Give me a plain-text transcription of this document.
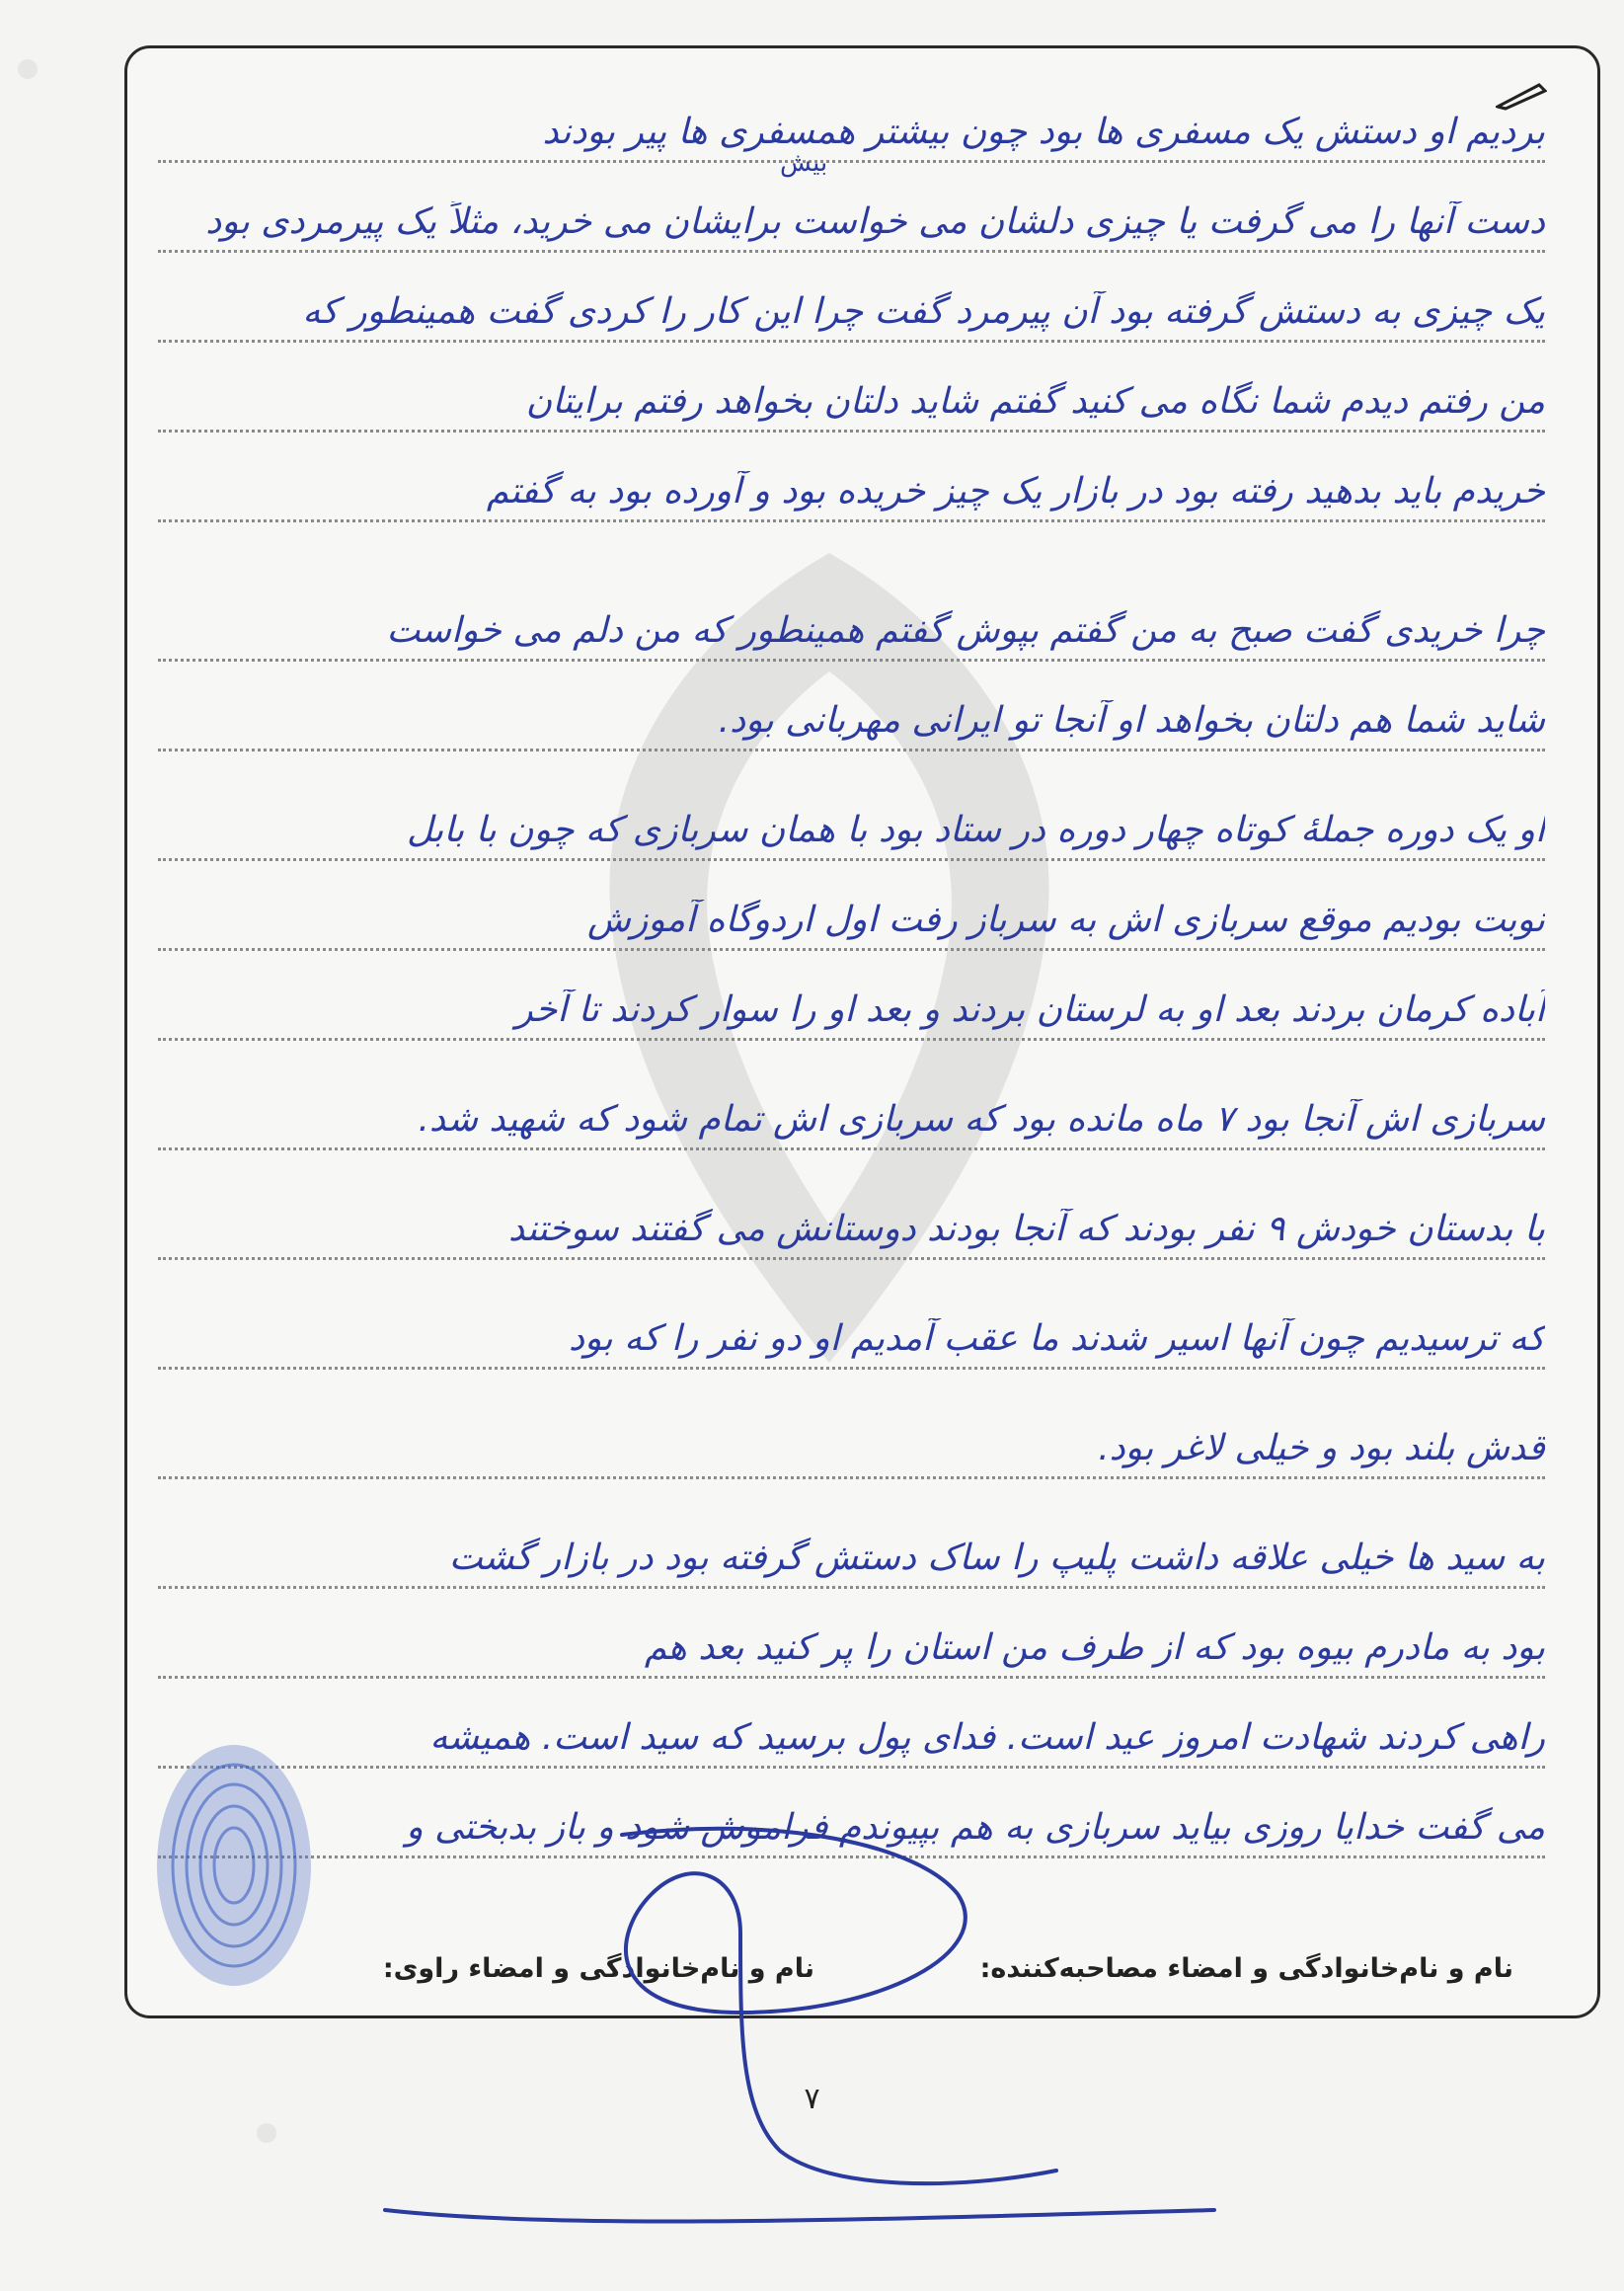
بردیم او دستش یک مسفری ها بود چون بیشتر همسفری ها پیر بودند
دست آنها را می گرفت یا چیزی دلشان می خواست برایشان می خرید، مثلاً یک پیرمردی بود
یک چیزی به دستش گرفته بود آن پیرمرد گفت چرا این کار را کردی گفت همینطور که
من رفتم دیدم شما نگاه می کنید گفتم شاید دلتان بخواهد رفتم برایتان
خریدم باید بدهید رفته بود در بازار یک چیز خریده بود و آورده بود به گفتم
چرا خریدی گفت صبح به من گفتم بپوش گفتم همینطور که من دلم می خواست
شاید شما هم دلتان بخواهد او آنجا تو ایرانی مهربانی بود.
او یک دوره جملهٔ کوتاه چهار دوره در ستاد بود با همان سربازی که چون با بابل
نوبت بودیم موقع سربازی اش به سرباز رفت اول اردوگاه آموزش
آباده کرمان بردند بعد او به لرستان بردند و بعد او را سوار کردند تا آخر
سربازی اش آنجا بود ۷ ماه مانده بود که سربازی اش تمام شود که شهید شد.
با بدستان خودش ۹ نفر بودند که آنجا بودند دوستانش می گفتند سوختند
که ترسیدیم چون آنها اسیر شدند ما عقب آمدیم او دو نفر را که بود
قدش بلند بود و خیلی لاغر بود.
به سید ها خیلی علاقه داشت پلیپ را ساک دستش گرفته بود در بازار گشت
بود به مادرم بیوه بود که از طرف من استان را پر کنید بعد هم
راهی کردند شهادت امروز عید است. فدای پول برسید که سید است. همیشه
می گفت خدایا روزی بیاید سربازی به هم بپیوندم فراموش شود و باز بدبختی و
بیش
نام و نام‌خانوادگی و امضاء مصاحبه‌کننده:
نام و نام‌خانوادگی و امضاء راوی:
۷
